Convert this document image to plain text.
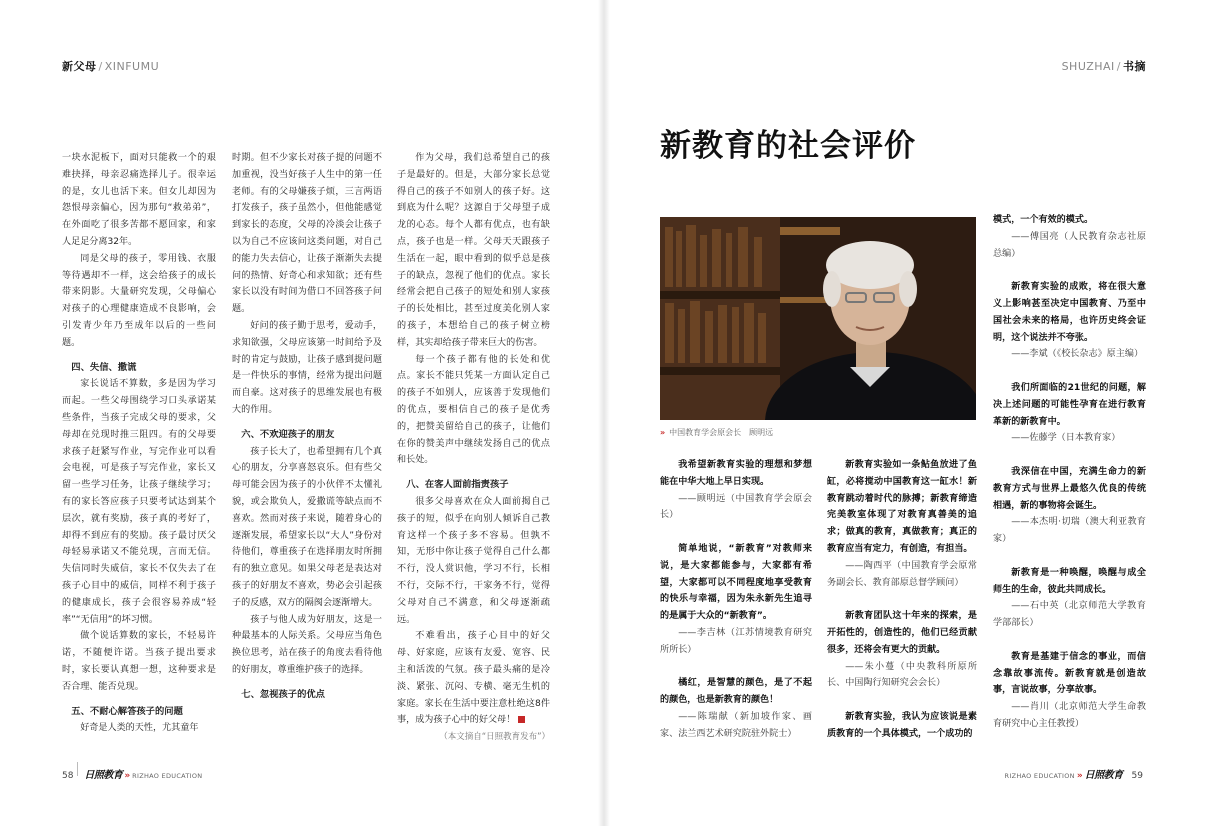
新父母 / XINFUMU	SHUZHAI / 书摘

一块水泥板下，面对只能救一个的艰难抉择，母亲忍痛选择儿子。很幸运的是，女儿也活下来。但女儿却因为怨恨母亲偏心，因为那句“救弟弟”，在外面吃了很多苦都不愿回家，和家人足足分离32年。

同是父母的孩子，零用钱、衣服等待遇却不一样，这会给孩子的成长带来阴影。大量研究发现，父母偏心对孩子的心理健康造成不良影响，会引发青少年乃至成年以后的一些问题。

四、失信、撒谎

家长说话不算数，多是因为学习而起。一些父母围绕学习口头承诺某些条件，当孩子完成父母的要求，父母却在兑现时推三阻四。有的父母要求孩子赶紧写作业，写完作业可以看会电视，可是孩子写完作业，家长又留一些学习任务，让孩子继续学习；有的家长答应孩子只要考试达到某个层次，就有奖励，孩子真的考好了，却得不到应有的奖励。孩子最讨厌父母轻易承诺又不能兑现，言而无信。失信同时失威信，家长不仅失去了在孩子心目中的威信，同样不利于孩子的健康成长，孩子会很容易养成“轻率”“无信用”的坏习惯。

做个说话算数的家长，不轻易许诺，不随便许诺。当孩子提出要求时，家长要认真想一想，这种要求是否合理、能否兑现。

五、不耐心解答孩子的问题

好奇是人类的天性，尤其童年

时期。但不少家长对孩子提的问题不加重视，没当好孩子人生中的第一任老师。有的父母嫌孩子烦，三言两语打发孩子，孩子虽然小，但他能感觉到家长的态度，父母的冷淡会让孩子以为自己不应该问这类问题，对自己的能力失去信心，让孩子渐渐失去提问的热情、好奇心和求知欲；还有些家长以没有时间为借口不回答孩子问题。

好问的孩子勤于思考，爱动手，求知欲强，父母应该第一时间给予及时的肯定与鼓励，让孩子感到提问题是一件快乐的事情，经常为提出问题而自豪。这对孩子的思维发展也有极大的作用。

六、不欢迎孩子的朋友

孩子长大了，也希望拥有几个真心的朋友，分享喜怒哀乐。但有些父母可能会因为孩子的小伙伴不太懂礼貌，或会欺负人，爱撒谎等缺点而不喜欢。然而对孩子来说，随着身心的逐渐发展，希望家长以“大人”身份对待他们，尊重孩子在选择朋友时所拥有的独立意见。如果父母老是表达对孩子的好朋友不喜欢，势必会引起孩子的反感，双方的隔阂会逐渐增大。

孩子与他人成为好朋友，这是一种最基本的人际关系。父母应当角色换位思考，站在孩子的角度去看待他的好朋友，尊重维护孩子的选择。

七、忽视孩子的优点

作为父母，我们总希望自己的孩子是最好的。但是，大部分家长总觉得自己的孩子不如别人的孩子好。这到底为什么呢？这源自于父母望子成龙的心态。每个人都有优点，也有缺点，孩子也是一样。父母天天跟孩子生活在一起，眼中看到的似乎总是孩子的缺点，忽视了他们的优点。家长经常会把自己孩子的短处和别人家孩子的长处相比，甚至过度美化别人家的孩子，本想给自己的孩子树立榜样，其实却给孩子带来巨大的伤害。

每一个孩子都有他的长处和优点。家长不能只凭某一方面认定自己的孩子不如别人，应该善于发现他们的优点，要相信自己的孩子是优秀的，把赞美留给自己的孩子，让他们在你的赞美声中继续发扬自己的优点和长处。

八、在客人面前指责孩子

很多父母喜欢在众人面前揭自己孩子的短，似乎在向别人倾诉自己教育这样一个孩子多不容易。但孰不知，无形中你让孩子觉得自己什么都不行，没人赏识他，学习不行，长相不行，交际不行，干家务不行，觉得父母对自己不满意，和父母逐渐疏远。

不难看出，孩子心目中的好父母、好家庭，应该有友爱、宽容、民主和活泼的气氛。孩子最头痛的是冷淡、紧张、沉闷、专横、毫无生机的家庭。家长在生活中要注意杜绝这8件事，成为孩子心中的好父母！

（本文摘自“日照教育发布”）
新教育的社会评价
» 中国教育学会原会长　顾明远

我希望新教育实验的理想和梦想能在中华大地上早日实现。

——顾明远（中国教育学会原会长）

简单地说，“新教育”对教师来说，是大家都能参与，大家都有希望，大家都可以不同程度地享受教育的快乐与幸福，因为朱永新先生追寻的是属于大众的“新教育”。

——李吉林（江苏情境教育研究所所长）

橘红，是智慧的颜色，是了不起的颜色，也是新教育的颜色！

——陈瑞献（新加坡作家、画家、法兰西艺术研究院驻外院士）

新教育实验如一条鲇鱼放进了鱼缸，必将搅动中国教育这一缸水！新教育跳动着时代的脉搏；新教育缔造完美教室体现了对教育真善美的追求；做真的教育，真做教育；真正的教育应当有定力，有创造，有担当。

——陶西平（中国教育学会原常务副会长、教育部原总督学顾问）

新教育团队这十年来的探索，是开拓性的，创造性的，他们已经贡献很多，还将会有更大的贡献。

——朱小蔓（中央教科所原所长、中国陶行知研究会会长）

新教育实验，我认为应该说是素质教育的一个具体模式，一个成功的

模式，一个有效的模式。

——傅国亮（人民教育杂志社原总编）

新教育实验的成败，将在很大意义上影响甚至决定中国教育、乃至中国社会未来的格局，也许历史终会证明，这个说法并不夸张。

——李斌（《校长杂志》原主编）

我们所面临的21世纪的问题，解决上述问题的可能性孕育在进行教育革新的新教育中。

——佐藤学（日本教育家）

我深信在中国，充满生命力的新教育方式与世界上最悠久优良的传统相遇，新的事物将会诞生。

——本杰明·切瑞（澳大利亚教育家）

新教育是一种唤醒，唤醒与成全师生的生命，彼此共同成长。

——石中英（北京师范大学教育学部部长）

教育是基建于信念的事业，而信念靠故事流传。新教育就是创造故事，言说故事，分享故事。

——肖川（北京师范大学生命教育研究中心主任教授）

58 日照教育 » RIZHAO EDUCATION	RIZHAO EDUCATION » 日照教育 59
